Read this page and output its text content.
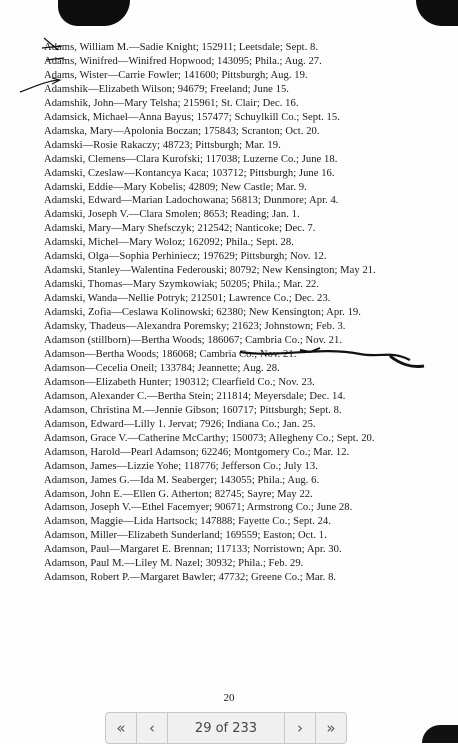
Adams, William M.—Sadie Knight; 152911; Leetsdale; Sept. 8.
Adams, Winifred—Winifred Hopwood; 143095; Phila.; Aug. 27.
Adams, Wister—Carrie Fowler; 141600; Pittsburgh; Aug. 19.
Adamshik—Elizabeth Wilson; 94679; Freeland; June 15.
Adamshik, John—Mary Telsha; 215961; St. Clair; Dec. 16.
Adamsick, Michael—Anna Bayus; 157477; Schuylkill Co.; Sept. 15.
Adamska, Mary—Apolonia Boczan; 175843; Scranton; Oct. 20.
Adamski—Rosie Rakaczy; 48723; Pittsburgh; Mar. 19.
Adamski, Clemens—Clara Kurofski; 117038; Luzerne Co.; June 18.
Adamski, Czeslaw—Kontancya Kaca; 103712; Pittsburgh; June 16.
Adamski, Eddie—Mary Kobelis; 42809; New Castle; Mar. 9.
Adamski, Edward—Marian Ladochowana; 56813; Dunmore; Apr. 4.
Adamski, Joseph V.—Clara Smolen; 8653; Reading; Jan. 1.
Adamski, Mary—Mary Shefsczyk; 212542; Nanticoke; Dec. 7.
Adamski, Michel—Mary Woloz; 162092; Phila.; Sept. 28.
Adamski, Olga—Sophia Perhiniecz; 197629; Pittsburgh; Nov. 12.
Adamski, Stanley—Walentina Federouski; 80792; New Kensington; May 21.
Adamski, Thomas—Mary Szymkowiak; 50205; Phila.; Mar. 22.
Adamski, Wanda—Nellie Potryk; 212501; Lawrence Co.; Dec. 23.
Adamski, Zofia—Ceslawa Kolinowski; 62380; New Kensington; Apr. 19.
Adamsky, Thadeus—Alexandra Poremsky; 21623; Johnstown; Feb. 3.
Adamson (stillborn)—Bertha Woods; 186067; Cambria Co.; Nov. 21.
Adamson—Bertha Woods; 186068; Cambria Co.; Nov. 21.
Adamson—Cecelia Oneil; 133784; Jeannette; Aug. 28.
Adamson—Elizabeth Hunter; 190312; Clearfield Co.; Nov. 23.
Adamson, Alexander C.—Bertha Stein; 211814; Meyersdale; Dec. 14.
Adamson, Christina M.—Jennie Gibson; 160717; Pittsburgh; Sept. 8.
Adamson, Edward—Lilly 1. Jervat; 7926; Indiana Co.; Jan. 25.
Adamson, Grace V.—Catherine McCarthy; 150073; Allegheny Co.; Sept. 20.
Adamson, Harold—Pearl Adamson; 62246; Montgomery Co.; Mar. 12.
Adamson, James—Lizzie Yohe; 118776; Jefferson Co.; July 13.
Adamson, James G.—Ida M. Seaberger; 143055; Phila.; Aug. 6.
Adamson, John E.—Ellen G. Atherton; 82745; Sayre; May 22.
Adamson, Joseph V.—Ethel Facemyer; 90671; Armstrong Co.; June 28.
Adamson, Maggie—Lida Hartsock; 147888; Fayette Co.; Sept. 24.
Adamson, Miller—Elizabeth Sunderland; 169559; Easton; Oct. 1.
Adamson, Paul—Margaret E. Brennan; 117133; Norristown; Apr. 30.
Adamson, Paul M.—Liley M. Nazel; 30932; Phila.; Feb. 29.
Adamson, Robert P.—Margaret Bawler; 47732; Greene Co.; Mar. 8.
20
« ‹	29 of 233	› »
